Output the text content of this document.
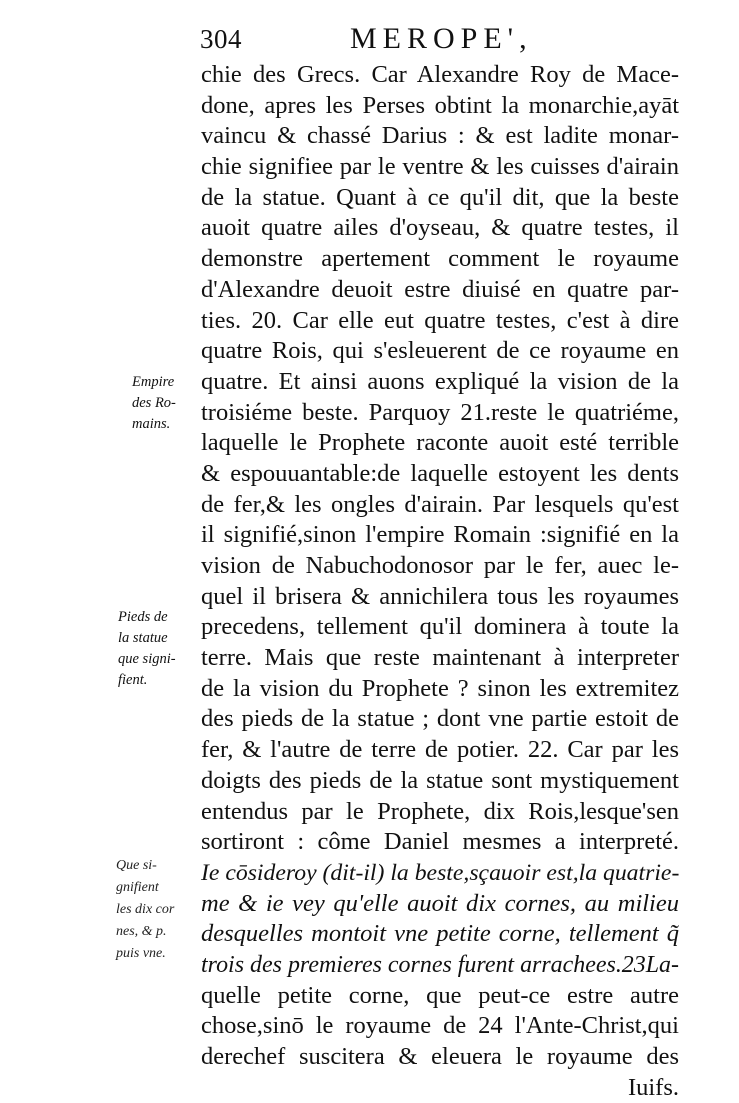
304	MEROPE',
chie des Grecs. Car Alexandre Roy de Mace-
done, apres les Perses obtint la monarchie,ayāt
vaincu & chassé Darius : & est ladite monar-
chie signifiee par le ventre & les cuisses d'airain
de la statue. Quant à ce qu'il dit, que la beste
auoit quatre ailes d'oyseau, & quatre testes, il
demonstre apertement comment le royaume
d'Alexandre deuoit estre diuisé en quatre par-
ties. 20. Car elle eut quatre testes, c'est à dire
quatre Rois, qui s'esleuerent de ce royaume en
quatre. Et ainsi auons expliqué la vision de la
troisiéme beste. Parquoy 21.reste le quatriéme,
laquelle le Prophete raconte auoit esté terrible
& espouuantable:de laquelle estoyent les dents
de fer,& les ongles d'airain. Par lesquels qu'est
il signifié,sinon l'empire Romain :signifié en la
vision de Nabuchodonosor par le fer, auec le-
quel il brisera & annichilera tous les royaumes
precedens, tellement qu'il dominera à toute la
terre. Mais que reste maintenant à interpreter
de la vision du Prophete ? sinon les extremitez
des pieds de la statue ; dont vne partie estoit de
fer, & l'autre de terre de potier. 22. Car par les
doigts des pieds de la statue sont mystiquement
entendus par le Prophete, dix Rois,lesque'sen
sortiront : côme Daniel mesmes a interpreté.
Ie cōsideroy (dit-il) la beste,sçauoir est,la quatrie-
me & ie vey qu'elle auoit dix cornes, au milieu
desquelles montoit vne petite corne, tellement q̃
trois des premieres cornes furent arrachees.23La-
quelle petite corne, que peut-ce estre autre
chose,sinō le royaume de 24 l'Ante-Christ,qui
derechef suscitera & eleuera le royaume des
Iuifs.
Empire
des Ro-
mains.
Pieds de
la statue
que signi-
fient.
Que si-
gnifient
les dix cor
nes, & p.
puis vne.
